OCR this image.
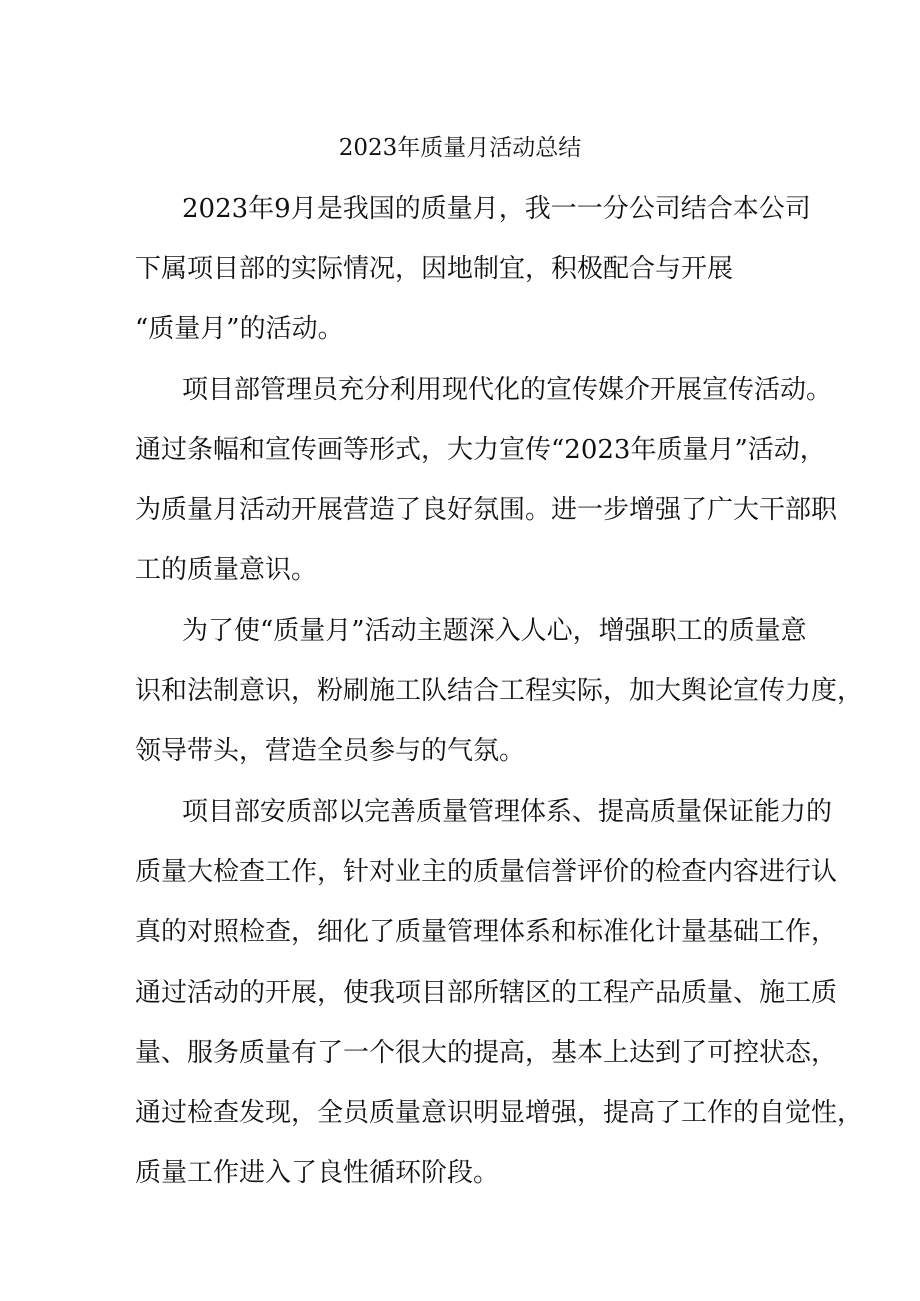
2023年质量月活动总结

2023年9月是我国的质量月，我一一分公司结合本公司

下属项目部的实际情况，因地制宜，积极配合与开展

“质量月”的活动。

项目部管理员充分利用现代化的宣传媒介开展宣传活动。

通过条幅和宣传画等形式，大力宣传“2023年质量月”活动，

为质量月活动开展营造了良好氛围。进一步增强了广大干部职

工的质量意识。

为了使“质量月”活动主题深入人心，增强职工的质量意

识和法制意识，粉刷施工队结合工程实际，加大舆论宣传力度，

领导带头，营造全员参与的气氛。

项目部安质部以完善质量管理体系、提高质量保证能力的

质量大检查工作，针对业主的质量信誉评价的检查内容进行认

真的对照检查，细化了质量管理体系和标准化计量基础工作，

通过活动的开展，使我项目部所辖区的工程产品质量、施工质

量、服务质量有了一个很大的提高，基本上达到了可控状态，

通过检查发现，全员质量意识明显增强，提高了工作的自觉性，

质量工作进入了良性循环阶段。
